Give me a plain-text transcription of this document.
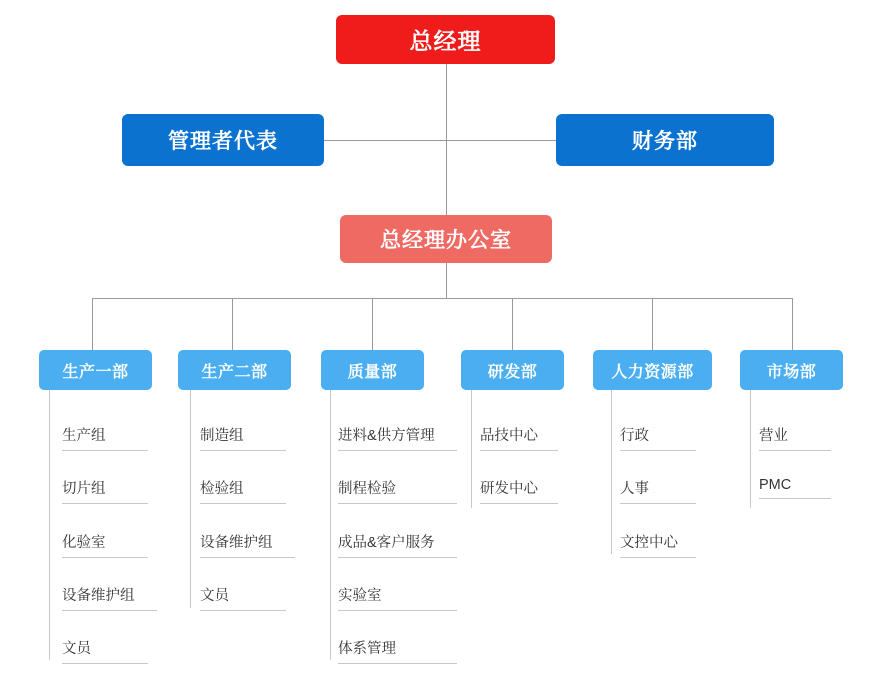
总经理
管理者代表	财务部
总经理办公室
生产一部
生产组
切片组
化验室
设备维护组
文员
生产二部
制造组
检验组
设备维护组
文员
质量部
进料&供方管理
制程检验
成品&客户服务
实验室
体系管理
研发部
品技中心
研发中心
人力资源部
行政
人事
文控中心
市场部
营业
PMC
